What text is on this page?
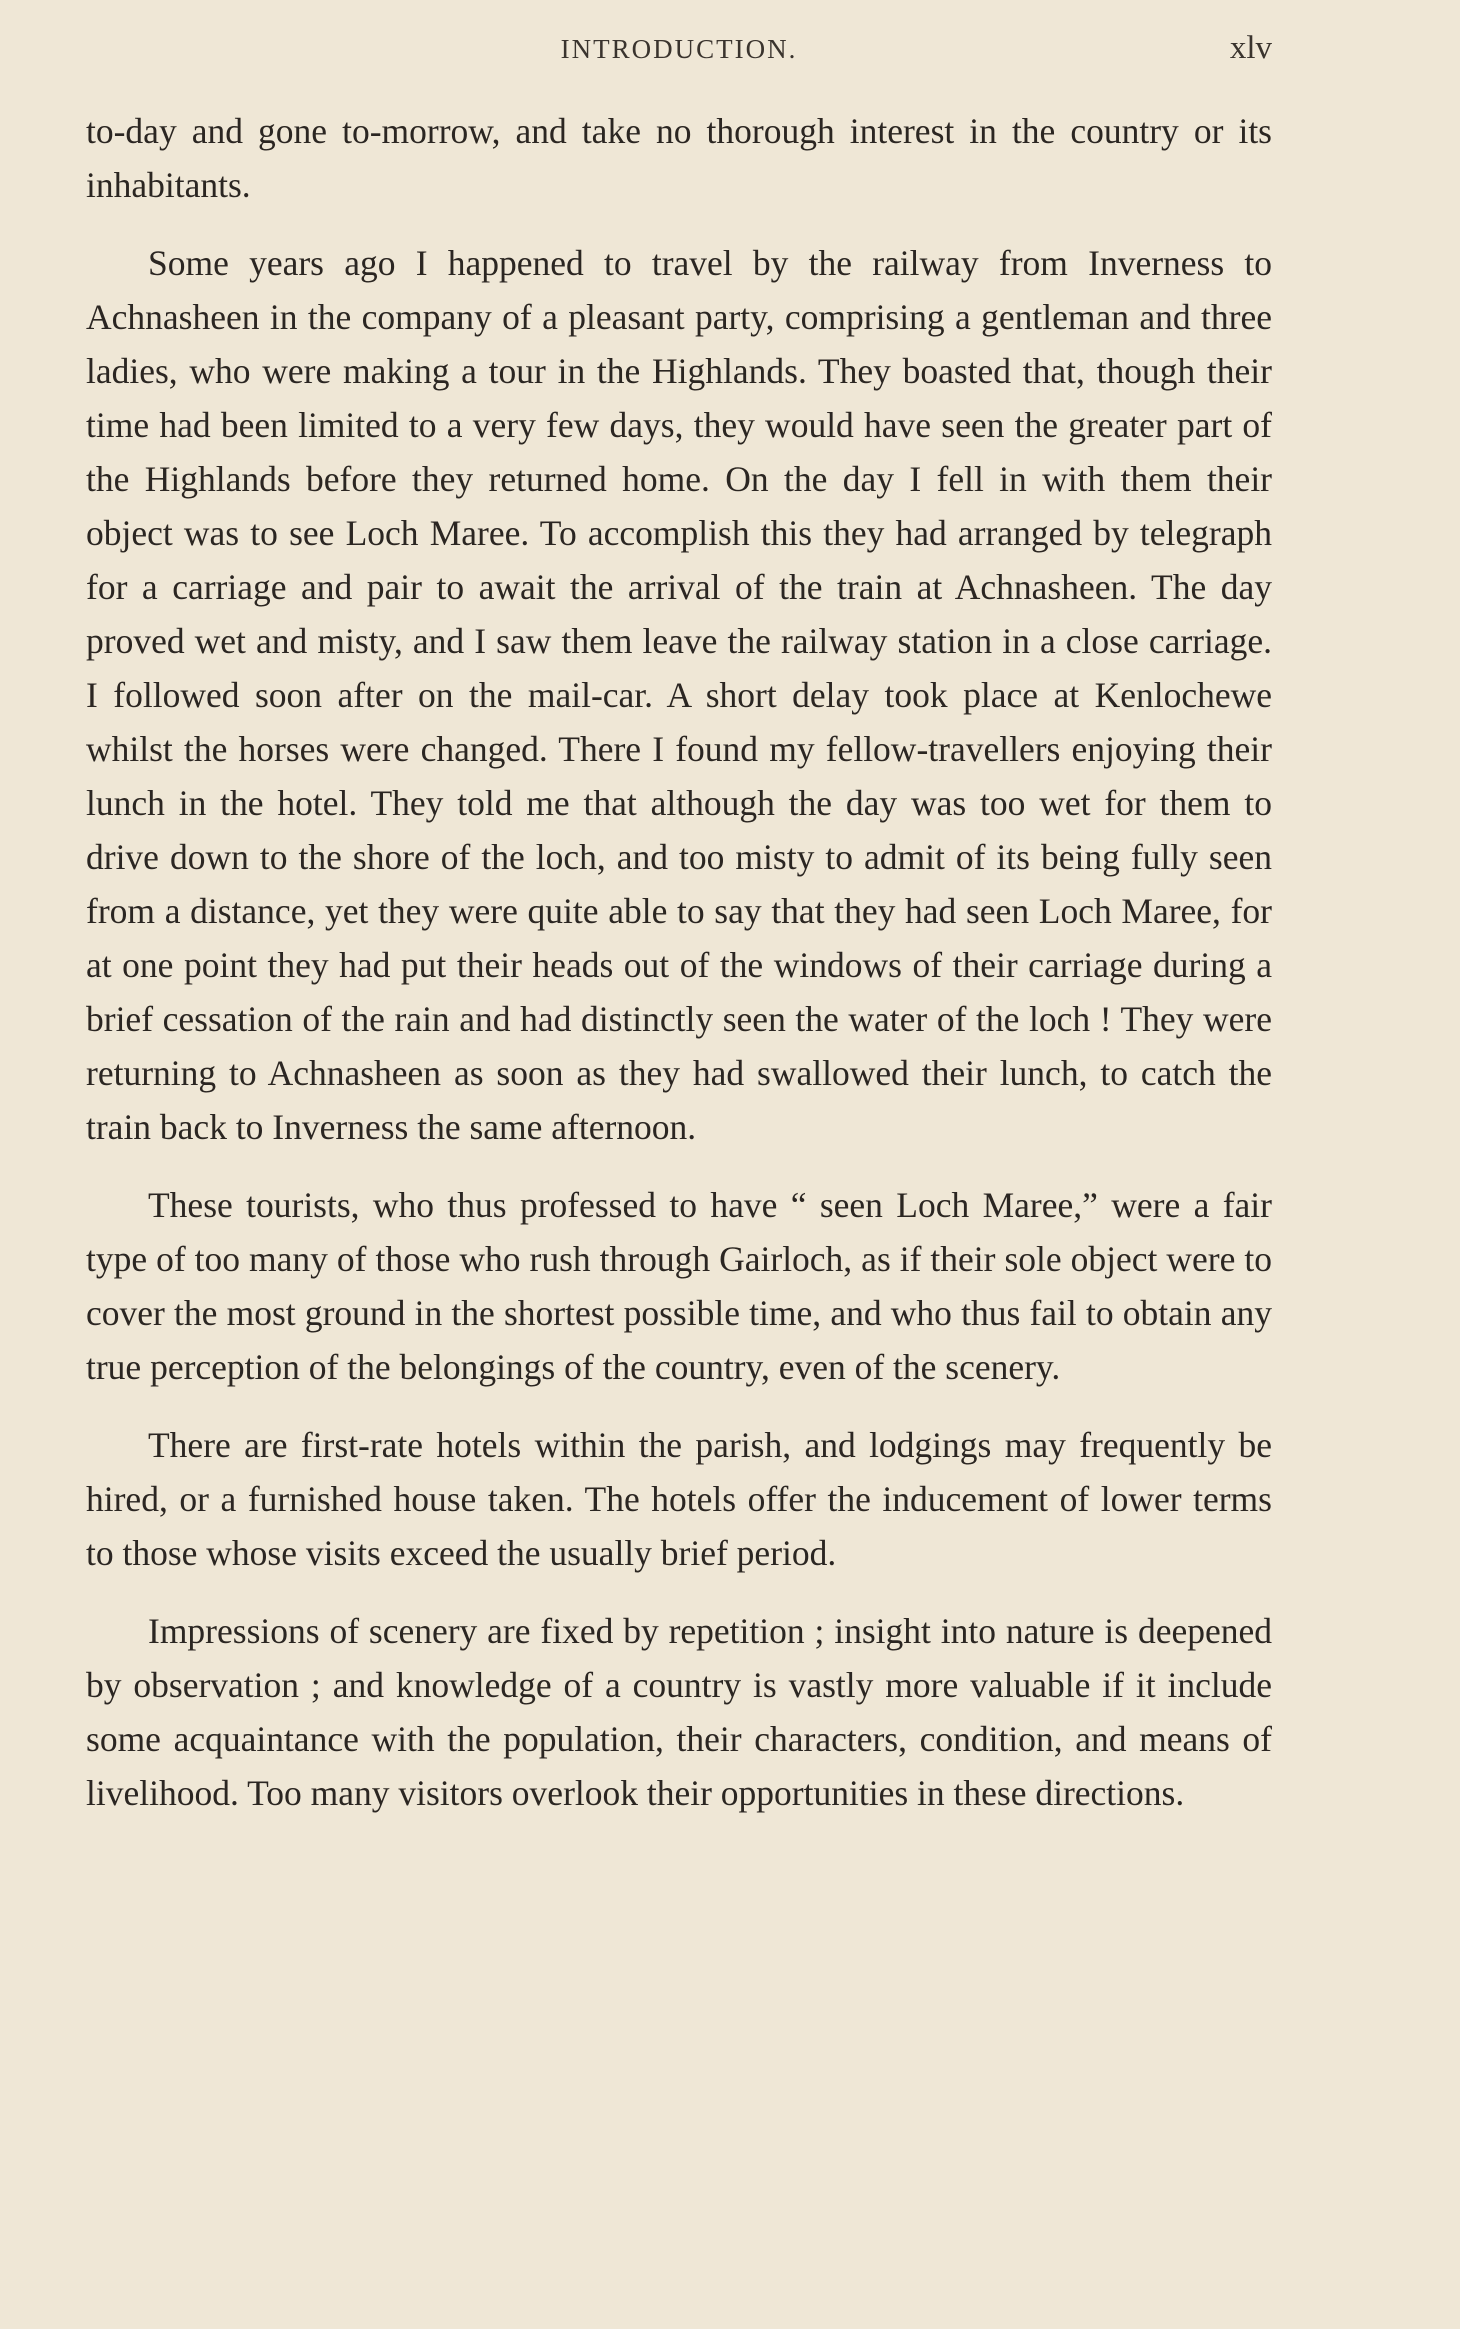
INTRODUCTION.	xlv

to-day and gone to-morrow, and take no thorough interest in the country or its inhabitants.

Some years ago I happened to travel by the railway from Inverness to Achnasheen in the company of a pleasant party, comprising a gentleman and three ladies, who were making a tour in the Highlands. They boasted that, though their time had been limited to a very few days, they would have seen the greater part of the Highlands before they returned home. On the day I fell in with them their object was to see Loch Maree. To accomplish this they had arranged by telegraph for a carriage and pair to await the arrival of the train at Achnasheen. The day proved wet and misty, and I saw them leave the railway station in a close carriage. I followed soon after on the mail-car. A short delay took place at Kenlochewe whilst the horses were changed. There I found my fellow-travellers enjoying their lunch in the hotel. They told me that although the day was too wet for them to drive down to the shore of the loch, and too misty to admit of its being fully seen from a distance, yet they were quite able to say that they had seen Loch Maree, for at one point they had put their heads out of the windows of their carriage during a brief cessation of the rain and had distinctly seen the water of the loch ! They were returning to Achnasheen as soon as they had swallowed their lunch, to catch the train back to Inverness the same afternoon.

These tourists, who thus professed to have “ seen Loch Maree,” were a fair type of too many of those who rush through Gairloch, as if their sole object were to cover the most ground in the shortest possible time, and who thus fail to obtain any true perception of the belongings of the country, even of the scenery.

There are first-rate hotels within the parish, and lodgings may frequently be hired, or a furnished house taken. The hotels offer the inducement of lower terms to those whose visits exceed the usually brief period.

Impressions of scenery are fixed by repetition ; insight into nature is deepened by observation ; and knowledge of a country is vastly more valuable if it include some acquaintance with the population, their characters, condition, and means of livelihood. Too many visitors overlook their opportunities in these directions.
